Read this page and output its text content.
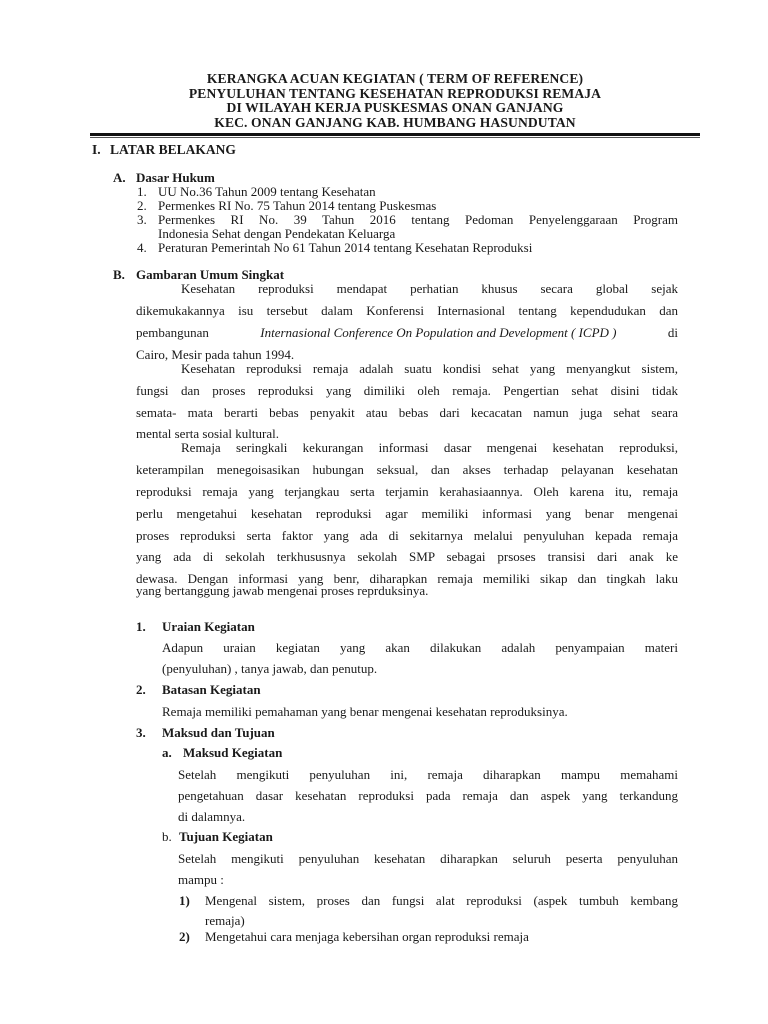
KERANGKA ACUAN KEGIATAN ( TERM OF REFERENCE)
PENYULUHAN TENTANG KESEHATAN REPRODUKSI REMAJA
DI WILAYAH KERJA PUSKESMAS ONAN GANJANG
KEC. ONAN GANJANG KAB. HUMBANG HASUNDUTAN
I. LATAR BELAKANG
A. Dasar Hukum
1. UU No.36 Tahun 2009 tentang Kesehatan
2. Permenkes RI No. 75 Tahun 2014 tentang Puskesmas
3. Permenkes RI No. 39 Tahun 2016 tentang Pedoman Penyelenggaraan Program
Indonesia Sehat dengan Pendekatan Keluarga
4. Peraturan Pemerintah No 61 Tahun 2014 tentang Kesehatan Reproduksi
B. Gambaran Umum Singkat
Kesehatan reproduksi mendapat perhatian khusus secara global sejak
dikemukakannya isu tersebut dalam Konferensi Internasional tentang kependudukan dan
pembangunan	Internasional Conference On Population and Development ( ICPD )	di
Cairo, Mesir pada tahun 1994.
Kesehatan reproduksi remaja adalah suatu kondisi sehat yang menyangkut sistem,
fungsi dan proses reproduksi yang dimiliki oleh remaja. Pengertian sehat disini tidak
semata- mata berarti bebas penyakit atau bebas dari kecacatan namun juga sehat seara
mental serta sosial kultural.
Remaja seringkali kekurangan informasi dasar mengenai kesehatan reproduksi,
keterampilan menegoisasikan hubungan seksual, dan akses terhadap pelayanan kesehatan
reproduksi remaja yang terjangkau serta terjamin kerahasiaannya. Oleh karena itu, remaja
perlu mengetahui kesehatan reproduksi agar memiliki informasi yang benar mengenai
proses reproduksi serta faktor yang ada di sekitarnya melalui penyuluhan kepada remaja
yang ada di sekolah terkhususnya sekolah SMP sebagai prsoses transisi dari anak ke
dewasa. Dengan informasi yang benr, diharapkan remaja memiliki sikap dan tingkah laku
yang bertanggung jawab mengenai proses reprduksinya.
1. Uraian Kegiatan
Adapun uraian kegiatan yang akan dilakukan adalah penyampaian materi
(penyuluhan) , tanya jawab, dan penutup.
2. Batasan Kegiatan
Remaja memiliki pemahaman yang benar mengenai kesehatan reproduksinya.
3. Maksud dan Tujuan
a. Maksud Kegiatan
Setelah mengikuti penyuluhan ini, remaja diharapkan mampu memahami
pengetahuan dasar kesehatan reproduksi pada remaja dan aspek yang terkandung
di dalamnya.
b. Tujuan Kegiatan
Setelah mengikuti penyuluhan kesehatan diharapkan seluruh peserta penyuluhan
mampu :
1) Mengenal sistem, proses dan fungsi alat reproduksi (aspek tumbuh kembang
remaja)
2) Mengetahui cara menjaga kebersihan organ reproduksi remaja
